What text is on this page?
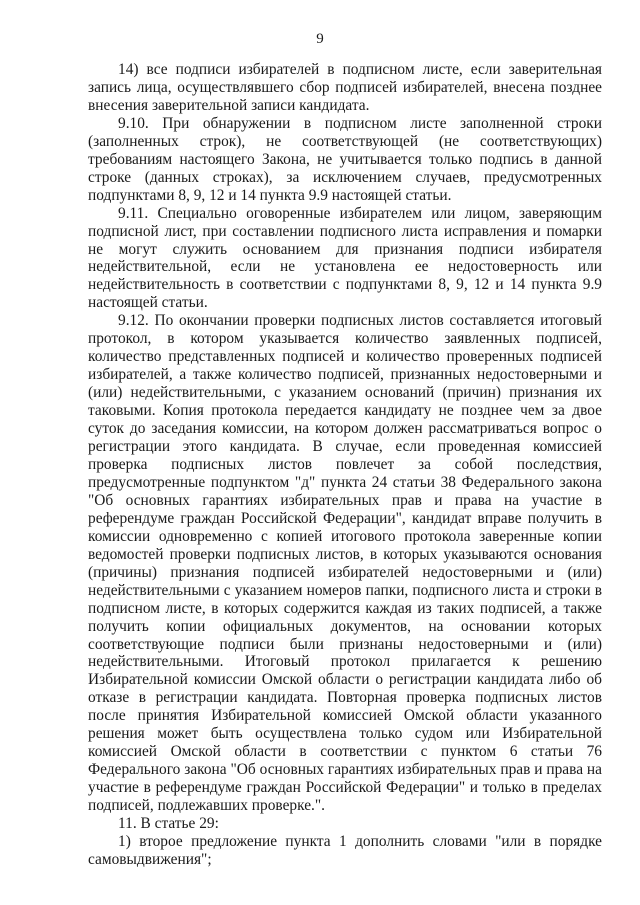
9

14) все подписи избирателей в подписном листе, если заверительная запись лица, осуществлявшего сбор подписей избирателей, внесена позднее внесения заверительной записи кандидата.

9.10. При обнаружении в подписном листе заполненной строки (заполненных строк), не соответствующей (не соответствующих) требованиям настоящего Закона, не учитывается только подпись в данной строке (данных строках), за исключением случаев, предусмотренных подпунктами 8, 9, 12 и 14 пункта 9.9 настоящей статьи.

9.11. Специально оговоренные избирателем или лицом, заверяющим подписной лист, при составлении подписного листа исправления и помарки не могут служить основанием для признания подписи избирателя недействительной, если не установлена ее недостоверность или недействительность в соответствии с подпунктами 8, 9, 12 и 14 пункта 9.9 настоящей статьи.

9.12. По окончании проверки подписных листов составляется итоговый протокол, в котором указывается количество заявленных подписей, количество представленных подписей и количество проверенных подписей избирателей, а также количество подписей, признанных недостоверными и (или) недействительными, с указанием оснований (причин) признания их таковыми. Копия протокола передается кандидату не позднее чем за двое суток до заседания комиссии, на котором должен рассматриваться вопрос о регистрации этого кандидата. В случае, если проведенная комиссией проверка подписных листов повлечет за собой последствия, предусмотренные подпунктом "д" пункта 24 статьи 38 Федерального закона "Об основных гарантиях избирательных прав и права на участие в референдуме граждан Российской Федерации", кандидат вправе получить в комиссии одновременно с копией итогового протокола заверенные копии ведомостей проверки подписных листов, в которых указываются основания (причины) признания подписей избирателей недостоверными и (или) недействительными с указанием номеров папки, подписного листа и строки в подписном листе, в которых содержится каждая из таких подписей, а также получить копии официальных документов, на основании которых соответствующие подписи были признаны недостоверными и (или) недействительными. Итоговый протокол прилагается к решению Избирательной комиссии Омской области о регистрации кандидата либо об отказе в регистрации кандидата. Повторная проверка подписных листов после принятия Избирательной комиссией Омской области указанного решения может быть осуществлена только судом или Избирательной комиссией Омской области в соответствии с пунктом 6 статьи 76 Федерального закона "Об основных гарантиях избирательных прав и права на участие в референдуме граждан Российской Федерации" и только в пределах подписей, подлежавших проверке.".

11. В статье 29:

1) второе предложение пункта 1 дополнить словами "или в порядке самовыдвижения";
